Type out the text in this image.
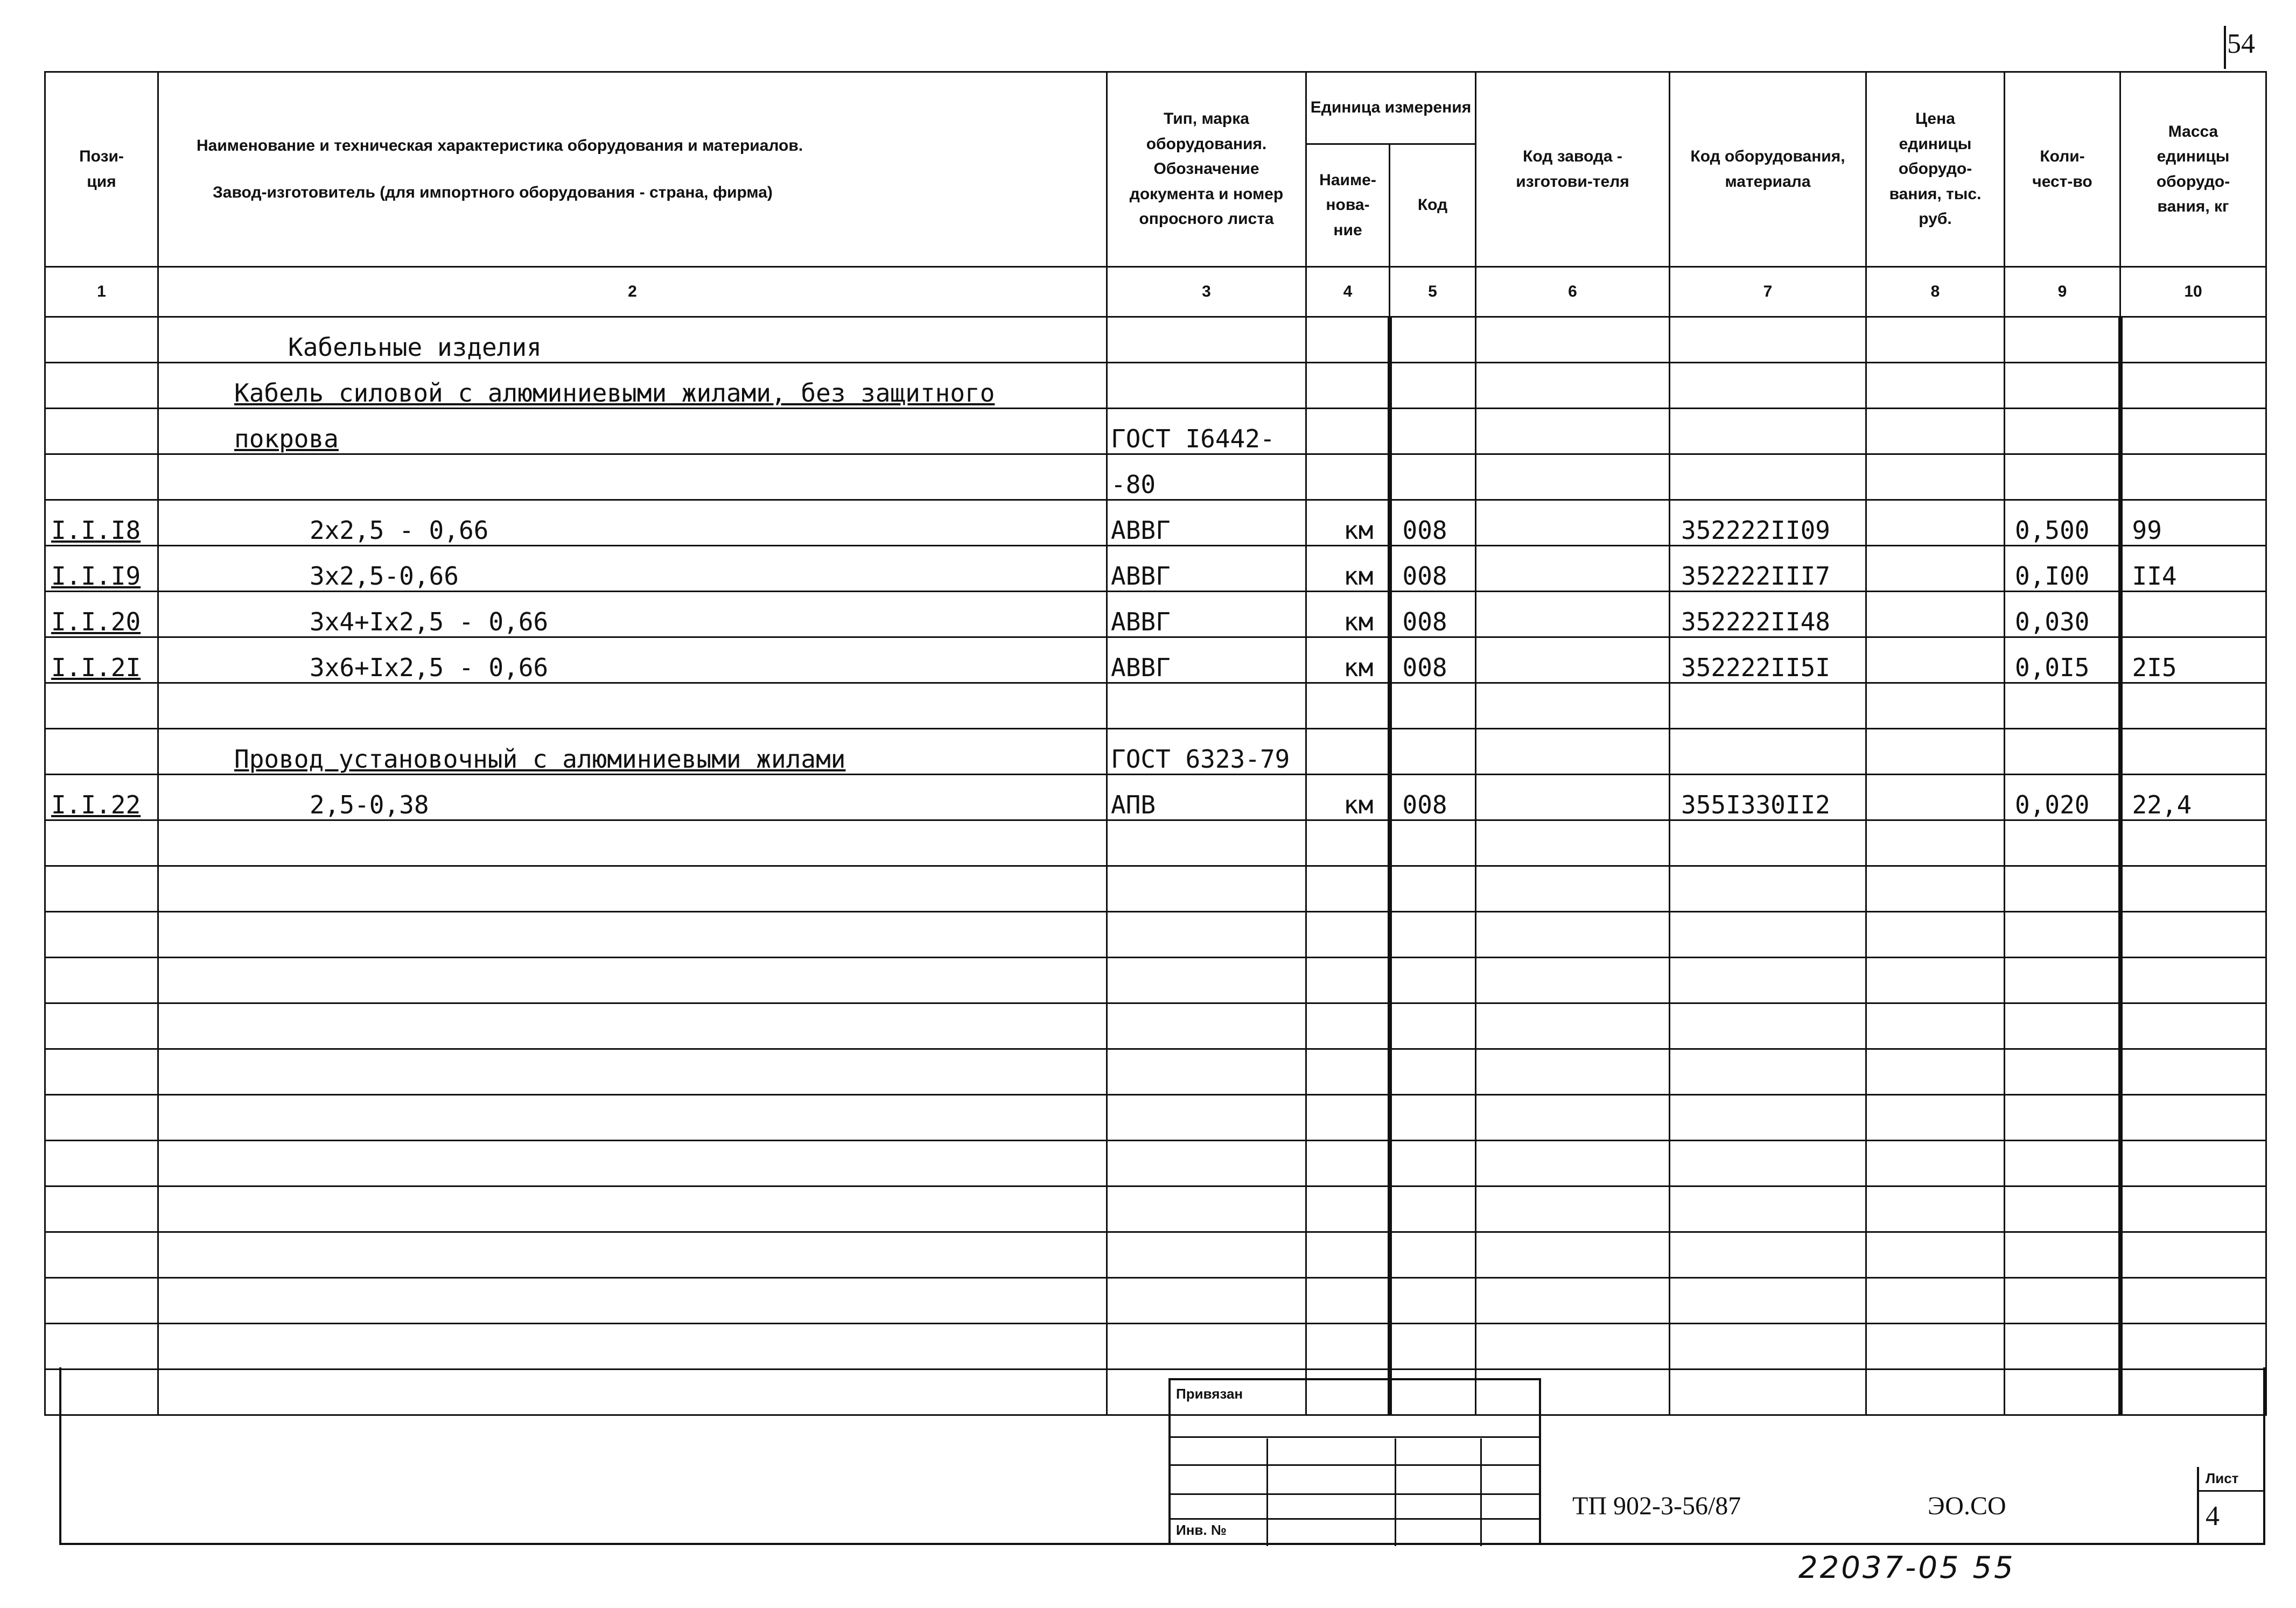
54
Пози-
ция	Наименование и техническая характеристика оборудования и материалов.
Завод-изготовитель (для импортного оборудования - страна, фирма)	Тип, марка оборудования. Обозначение документа и номер опросного листа	Единица измерения		Код завода - изготови-теля	Код оборудования, материала	Цена единицы оборудо-вания, тыс. руб.	Коли-чест-во	Масса единицы оборудо-вания, кг
			Наиме-нова-ние	Код					
1	2	3	4	5	6	7	8	9	10
	Кабельные изделия								
	Кабель силовой с алюминиевыми жилами, без защитного								
	покрова	ГОСТ I6442-							
		-80							
I.I.I8	2х2,5 - 0,66	АВВГ	км	008		352222II09		0,500	99
I.I.I9	3х2,5-0,66	АВВГ	км	008		352222III7		0,I00	II4
I.I.20	3х4+Iх2,5 - 0,66	АВВГ	км	008		352222II48		0,030	
I.I.2I	3х6+Iх2,5 - 0,66	АВВГ	км	008		352222II5I		0,0I5	2I5

	Провод установочный с алюминиевыми жилами	ГОСТ 6323-79							
I.I.22	2,5-0,38	АПВ	км	008		355I330II2		0,020	22,4

Привязан
Инв. №
ТП 902-3-56/87	ЭО.СО
Лист
4
22037-05 55
